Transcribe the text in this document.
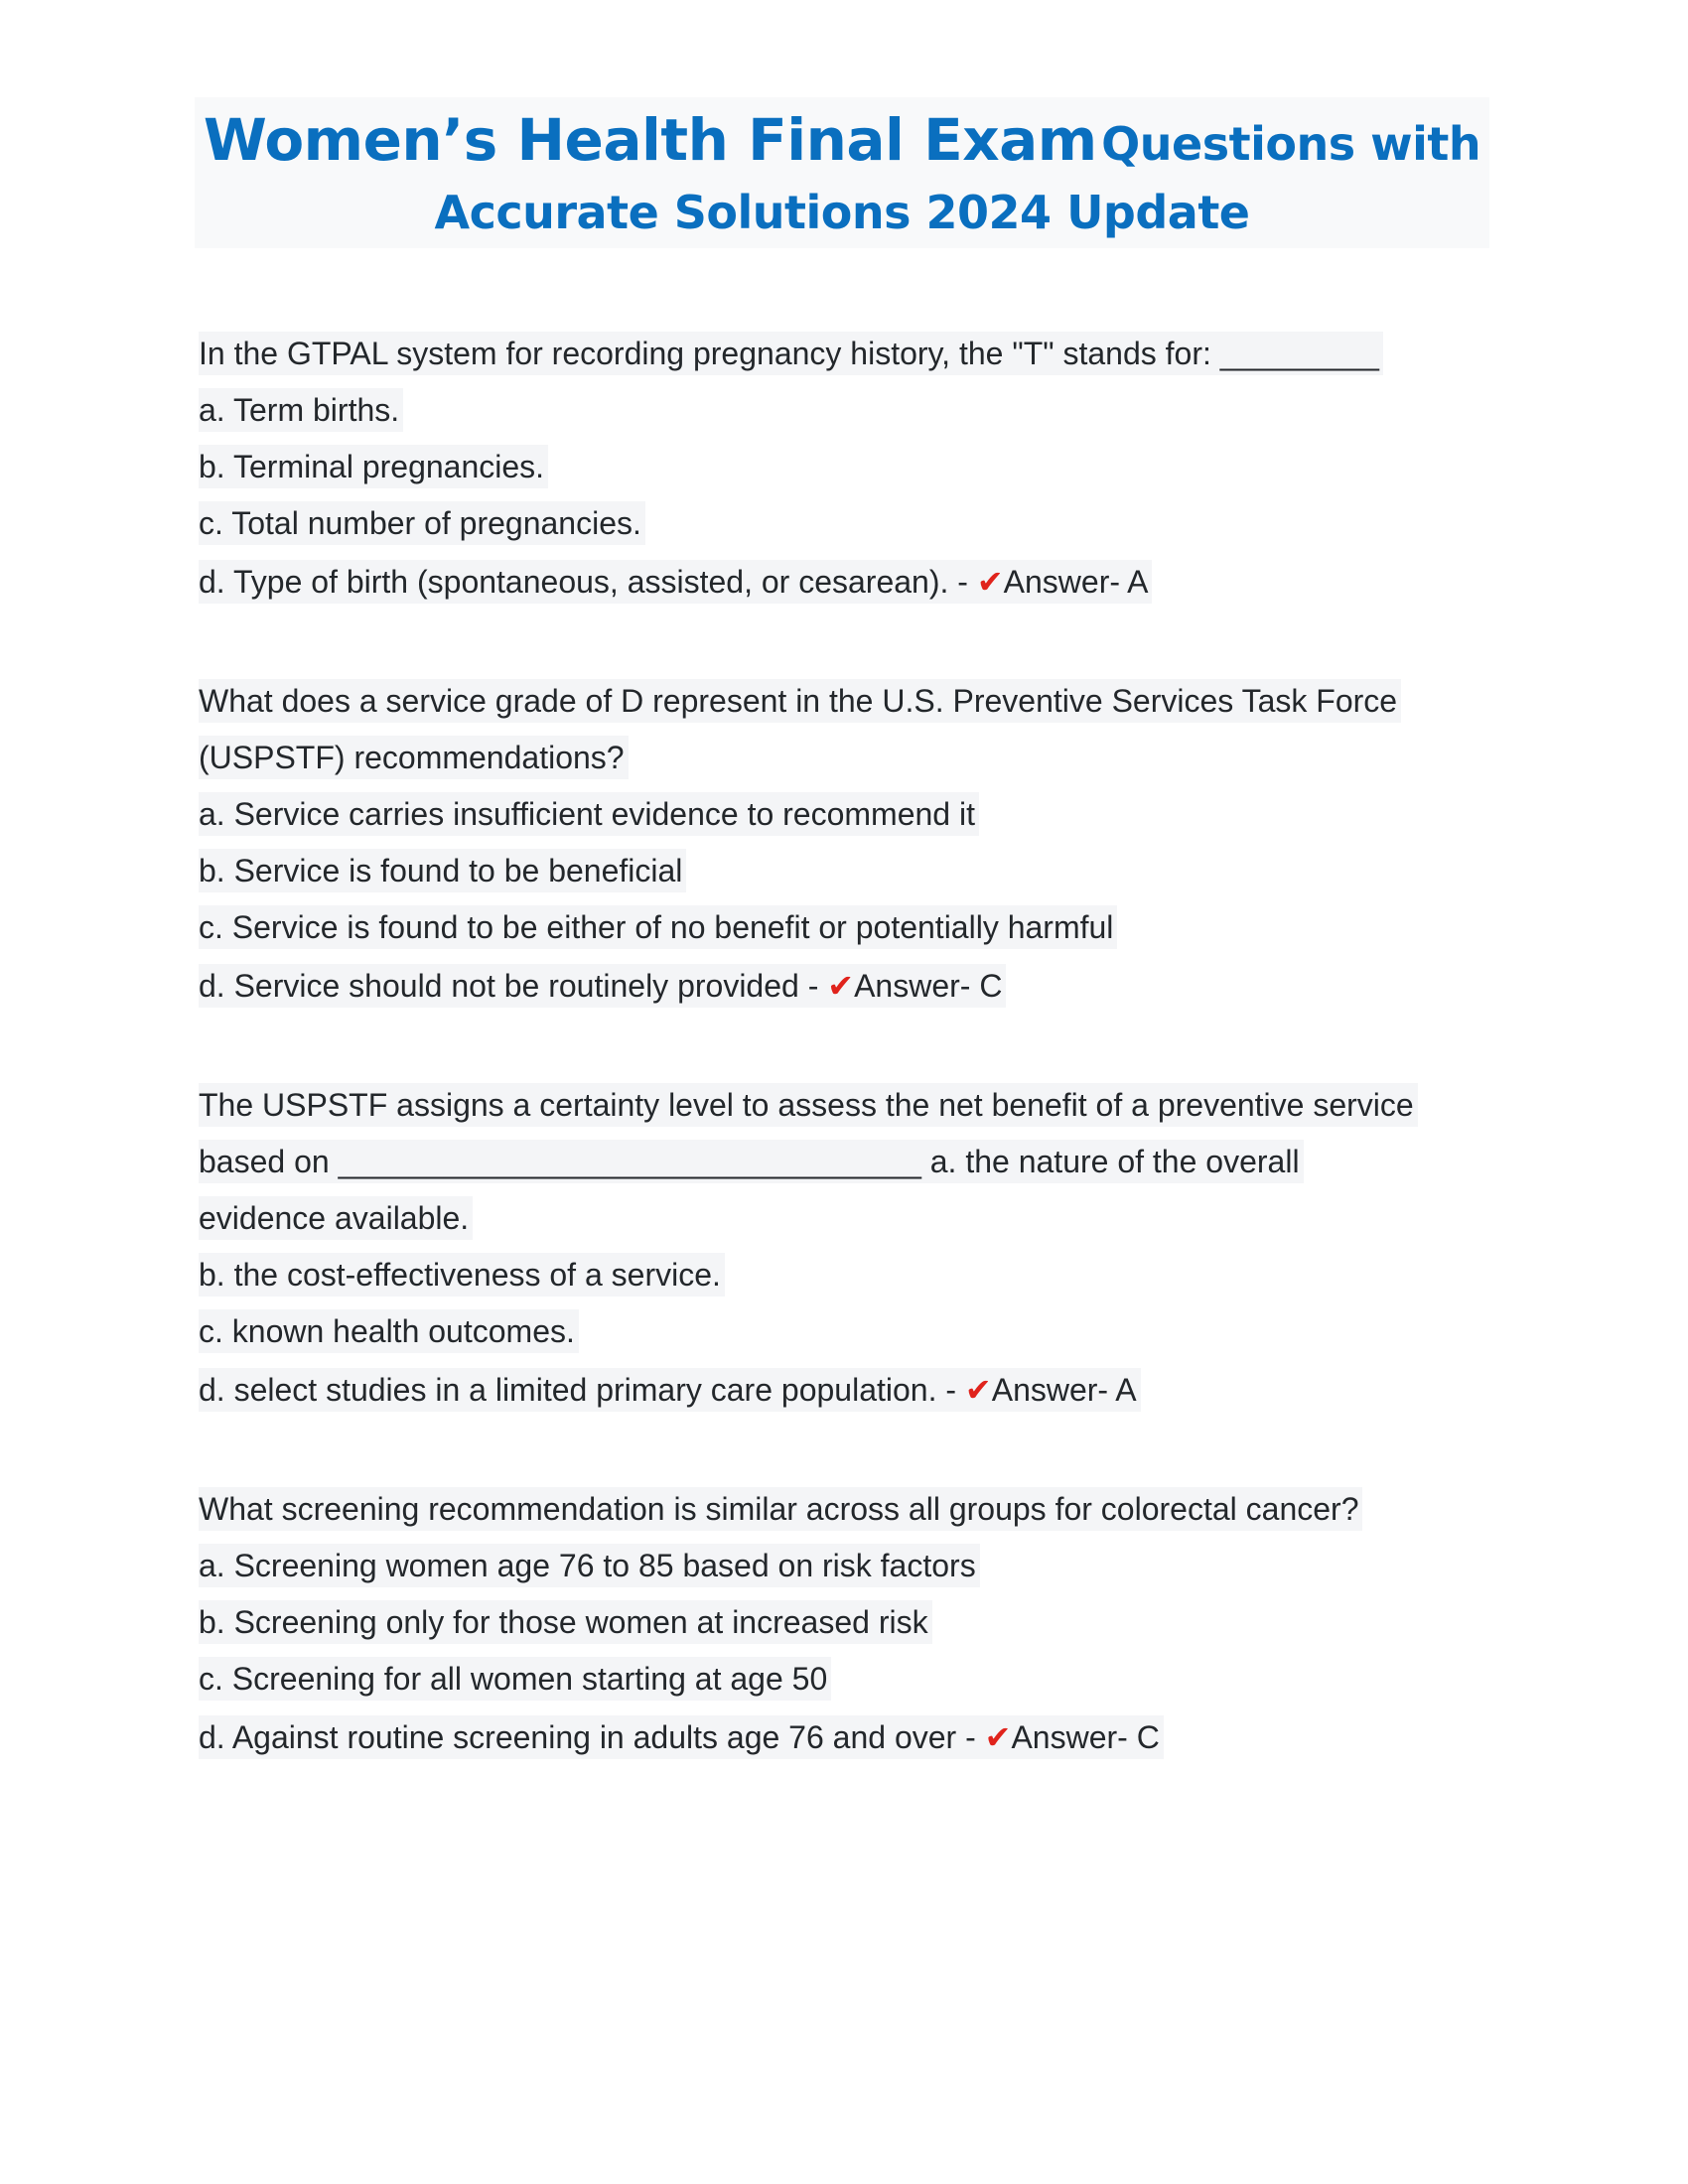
Women’s Health Final Exam Questions with
Accurate Solutions 2024 Update
In the GTPAL system for recording pregnancy history, the "T" stands for: _________
a. Term births.
b. Terminal pregnancies.
c. Total number of pregnancies.
d. Type of birth (spontaneous, assisted, or cesarean). - ✔Answer- A
What does a service grade of D represent in the U.S. Preventive Services Task Force
(USPSTF) recommendations?
a. Service carries insufficient evidence to recommend it
b. Service is found to be beneficial
c. Service is found to be either of no benefit or potentially harmful
d. Service should not be routinely provided - ✔Answer- C
The USPSTF assigns a certainty level to assess the net benefit of a preventive service
based on _________________________________ a. the nature of the overall
evidence available.
b. the cost-effectiveness of a service.
c. known health outcomes.
d. select studies in a limited primary care population. - ✔Answer- A
What screening recommendation is similar across all groups for colorectal cancer?
a. Screening women age 76 to 85 based on risk factors
b. Screening only for those women at increased risk
c. Screening for all women starting at age 50
d. Against routine screening in adults age 76 and over - ✔Answer- C
